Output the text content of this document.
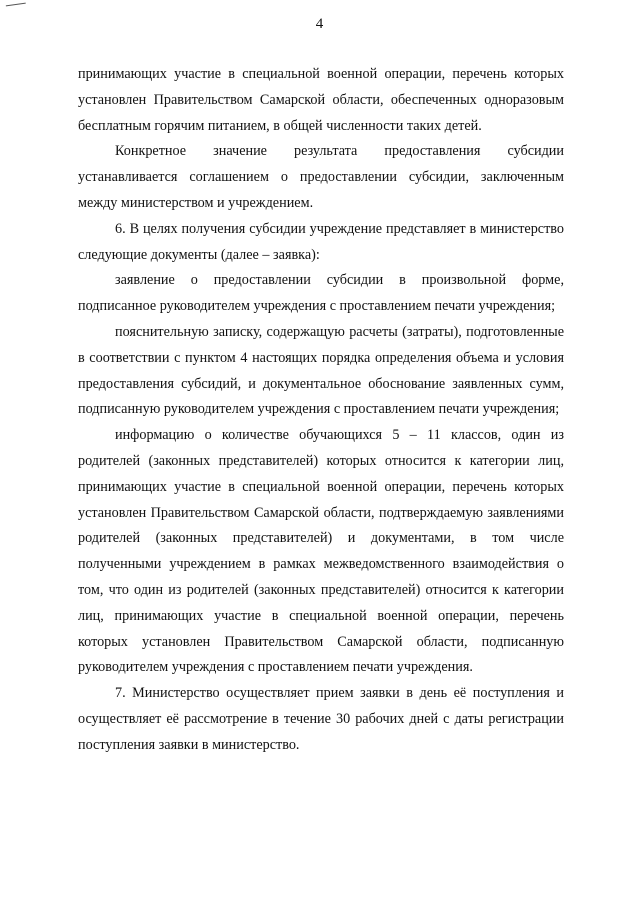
4

принимающих участие в специальной военной операции, перечень которых установлен Правительством Самарской области, обеспеченных одноразовым бесплатным горячим питанием, в общей численности таких детей.

Конкретное значение результата предоставления субсидии устанавливается соглашением о предоставлении субсидии, заключенным между министерством и учреждением.

6. В целях получения субсидии учреждение представляет в министерство следующие документы (далее – заявка):

заявление о предоставлении субсидии в произвольной форме, подписанное руководителем учреждения с проставлением печати учреждения;

пояснительную записку, содержащую расчеты (затраты), подготовленные в соответствии с пунктом 4 настоящих порядка определения объема и условия предоставления субсидий, и документальное обоснование заявленных сумм, подписанную руководителем учреждения с проставлением печати учреждения;

информацию о количестве обучающихся 5 – 11 классов, один из родителей (законных представителей) которых относится к категории лиц, принимающих участие в специальной военной операции, перечень которых установлен Правительством Самарской области, подтверждаемую заявлениями родителей (законных представителей) и документами, в том числе полученными учреждением в рамках межведомственного взаимодействия о том, что один из родителей (законных представителей) относится к категории лиц, принимающих участие в специальной военной операции, перечень которых установлен Правительством Самарской области, подписанную руководителем учреждения с проставлением печати учреждения.

7. Министерство осуществляет прием заявки в день её поступления и осуществляет её рассмотрение в течение 30 рабочих дней с даты регистрации поступления заявки в министерство.
